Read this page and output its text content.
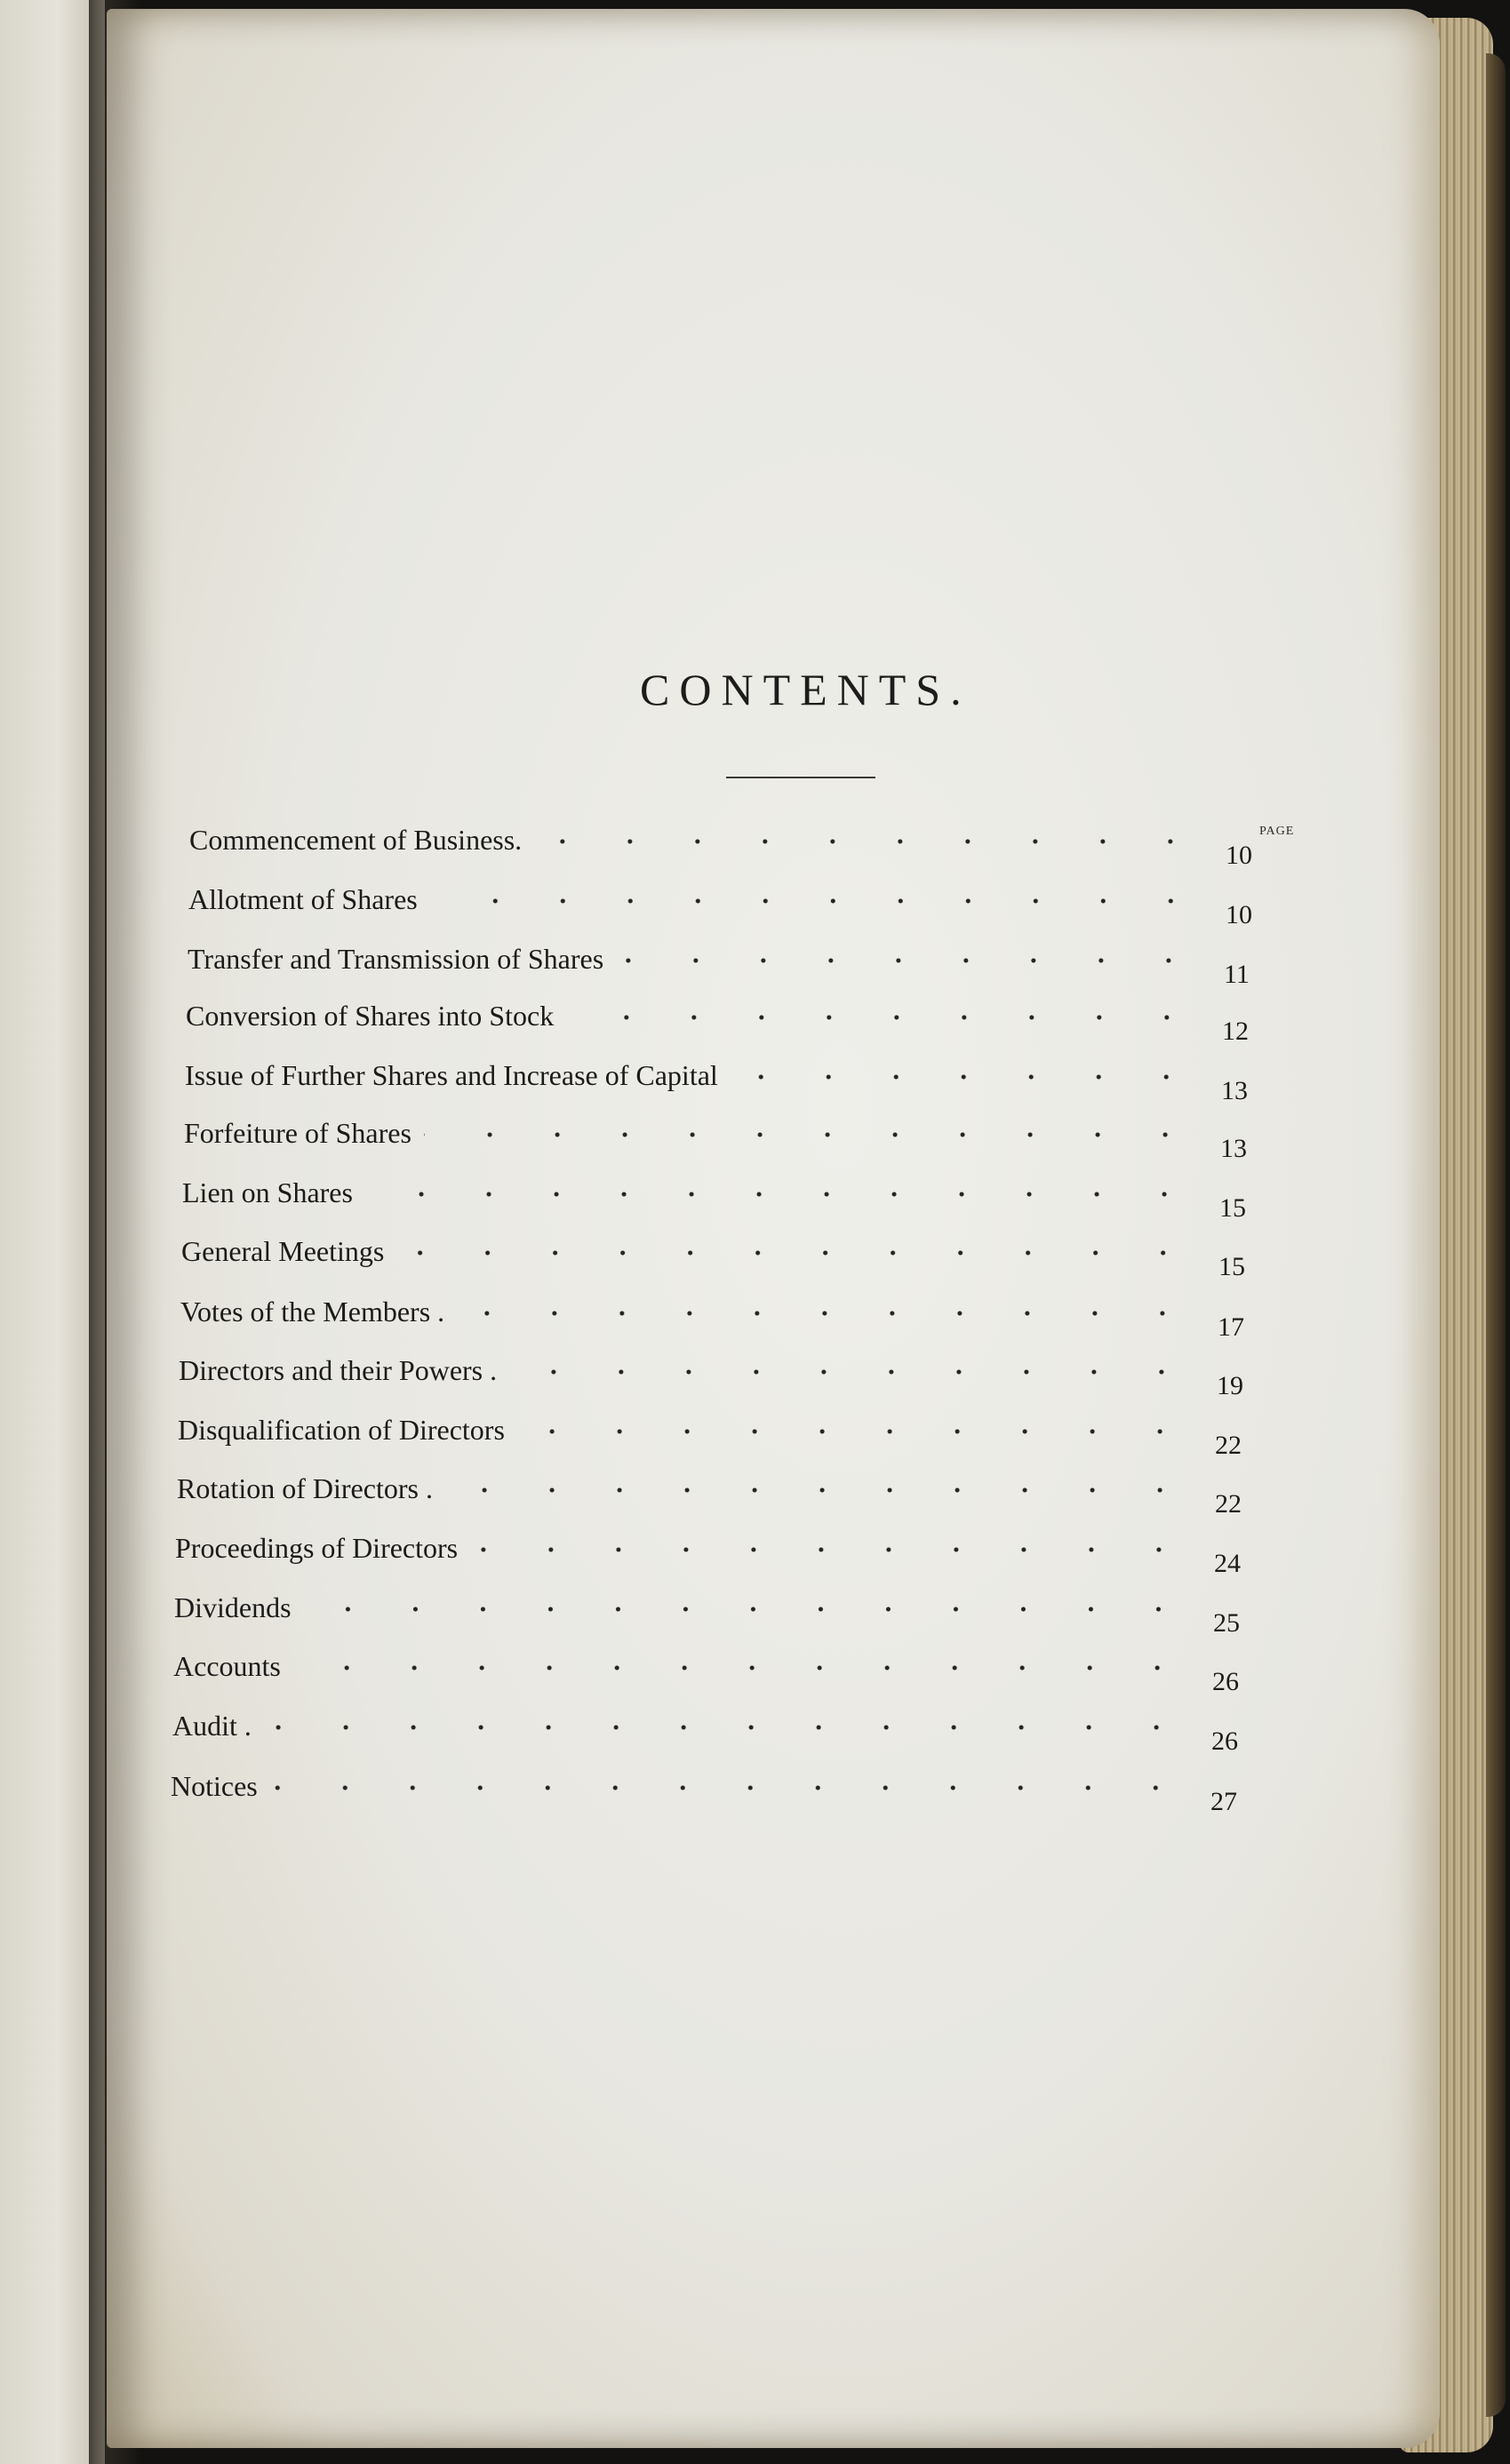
CONTENTS.
PAGE
Commencement of Business.	10
Allotment of Shares	10
Transfer and Transmission of Shares	11
Conversion of Shares into Stock	12
Issue of Further Shares and Increase of Capital	13
Forfeiture of Shares	13
Lien on Shares	15
General Meetings	15
Votes of the Members .	17
Directors and their Powers .	19
Disqualification of Directors	22
Rotation of Directors .	22
Proceedings of Directors	24
Dividends	25
Accounts	26
Audit .	26
Notices	27
